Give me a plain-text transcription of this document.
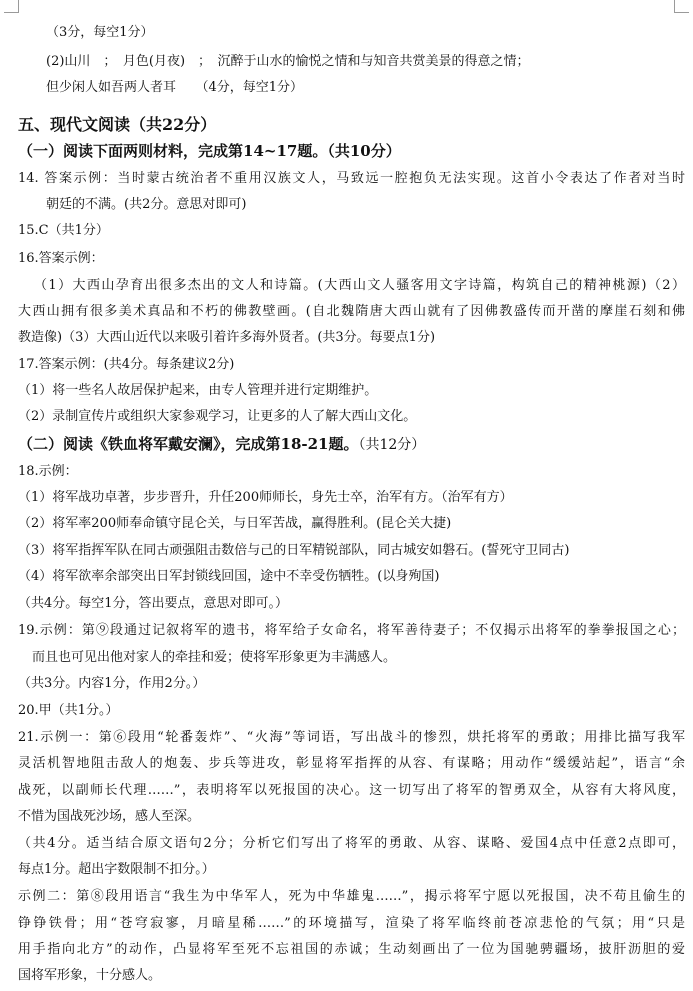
（3分，每空1分）
(2)山川　；　月色(月夜)　；　沉醉于山水的愉悦之情和与知音共赏美景的得意之情；
但少闲人如吾两人者耳　　（4分，每空1分）
五、现代文阅读（共22分）
（一）阅读下面两则材料，完成第14~17题。（共10分）
14. 答案示例：当时蒙古统治者不重用汉族文人，马致远一腔抱负无法实现。这首小令表达了作者对当时
朝廷的不满。(共2分。意思对即可)
15.C（共1分）
16.答案示例：
（1）大西山孕育出很多杰出的文人和诗篇。(大西山文人骚客用文字诗篇，构筑自己的精神桃源)（2）
大西山拥有很多美术真品和不朽的佛教壁画。(自北魏隋唐大西山就有了因佛教盛传而开凿的摩崖石刻和佛
教造像)（3）大西山近代以来吸引着许多海外贤者。(共3分。每要点1分)
17.答案示例：(共4分。每条建议2分)
（1）将一些名人故居保护起来，由专人管理并进行定期维护。
（2）录制宣传片或组织大家参观学习，让更多的人了解大西山文化。
（二）阅读《铁血将军戴安澜》，完成第18-21题。（共12分）
18.示例：
（1）将军战功卓著，步步晋升，升任200师师长，身先士卒，治军有方。（治军有方）
（2）将军率200师奉命镇守昆仑关，与日军苦战，赢得胜利。(昆仑关大捷)
（3）将军指挥军队在同古顽强阻击数倍与己的日军精锐部队，同古城安如磐石。(誓死守卫同古)
（4）将军欲率余部突出日军封锁线回国，途中不幸受伤牺牲。(以身殉国)
（共4分。每空1分，答出要点，意思对即可。）
19.示例：第⑨段通过记叙将军的遗书，将军给子女命名，将军善待妻子；不仅揭示出将军的拳拳报国之心；
而且也可见出他对家人的牵挂和爱；使将军形象更为丰满感人。
（共3分。内容1分，作用2分。）
20.甲（共1分。）
21.示例一：第⑥段用“轮番轰炸”、“火海”等词语，写出战斗的惨烈，烘托将军的勇敢；用排比描写我军
灵活机智地阻击敌人的炮轰、步兵等进攻，彰显将军指挥的从容、有谋略；用动作“缓缓站起”，语言“余
战死，以副师长代理……”，表明将军以死报国的决心。这一切写出了将军的智勇双全，从容有大将风度，
不惜为国战死沙场，感人至深。
（共4分。适当结合原文语句2分；分析它们写出了将军的勇敢、从容、谋略、爱国4点中任意2点即可，
每点1分。超出字数限制不扣分。）
示例二：第⑧段用语言“我生为中华军人，死为中华雄鬼……”，揭示将军宁愿以死报国，决不苟且偷生的
铮铮铁骨；用“苍穹寂寥，月暗星稀……”的环境描写，渲染了将军临终前苍凉悲怆的气氛；用“只是
用手指向北方”的动作，凸显将军至死不忘祖国的赤诚；生动刻画出了一位为国驰骋疆场，披肝沥胆的爱
国将军形象，十分感人。
